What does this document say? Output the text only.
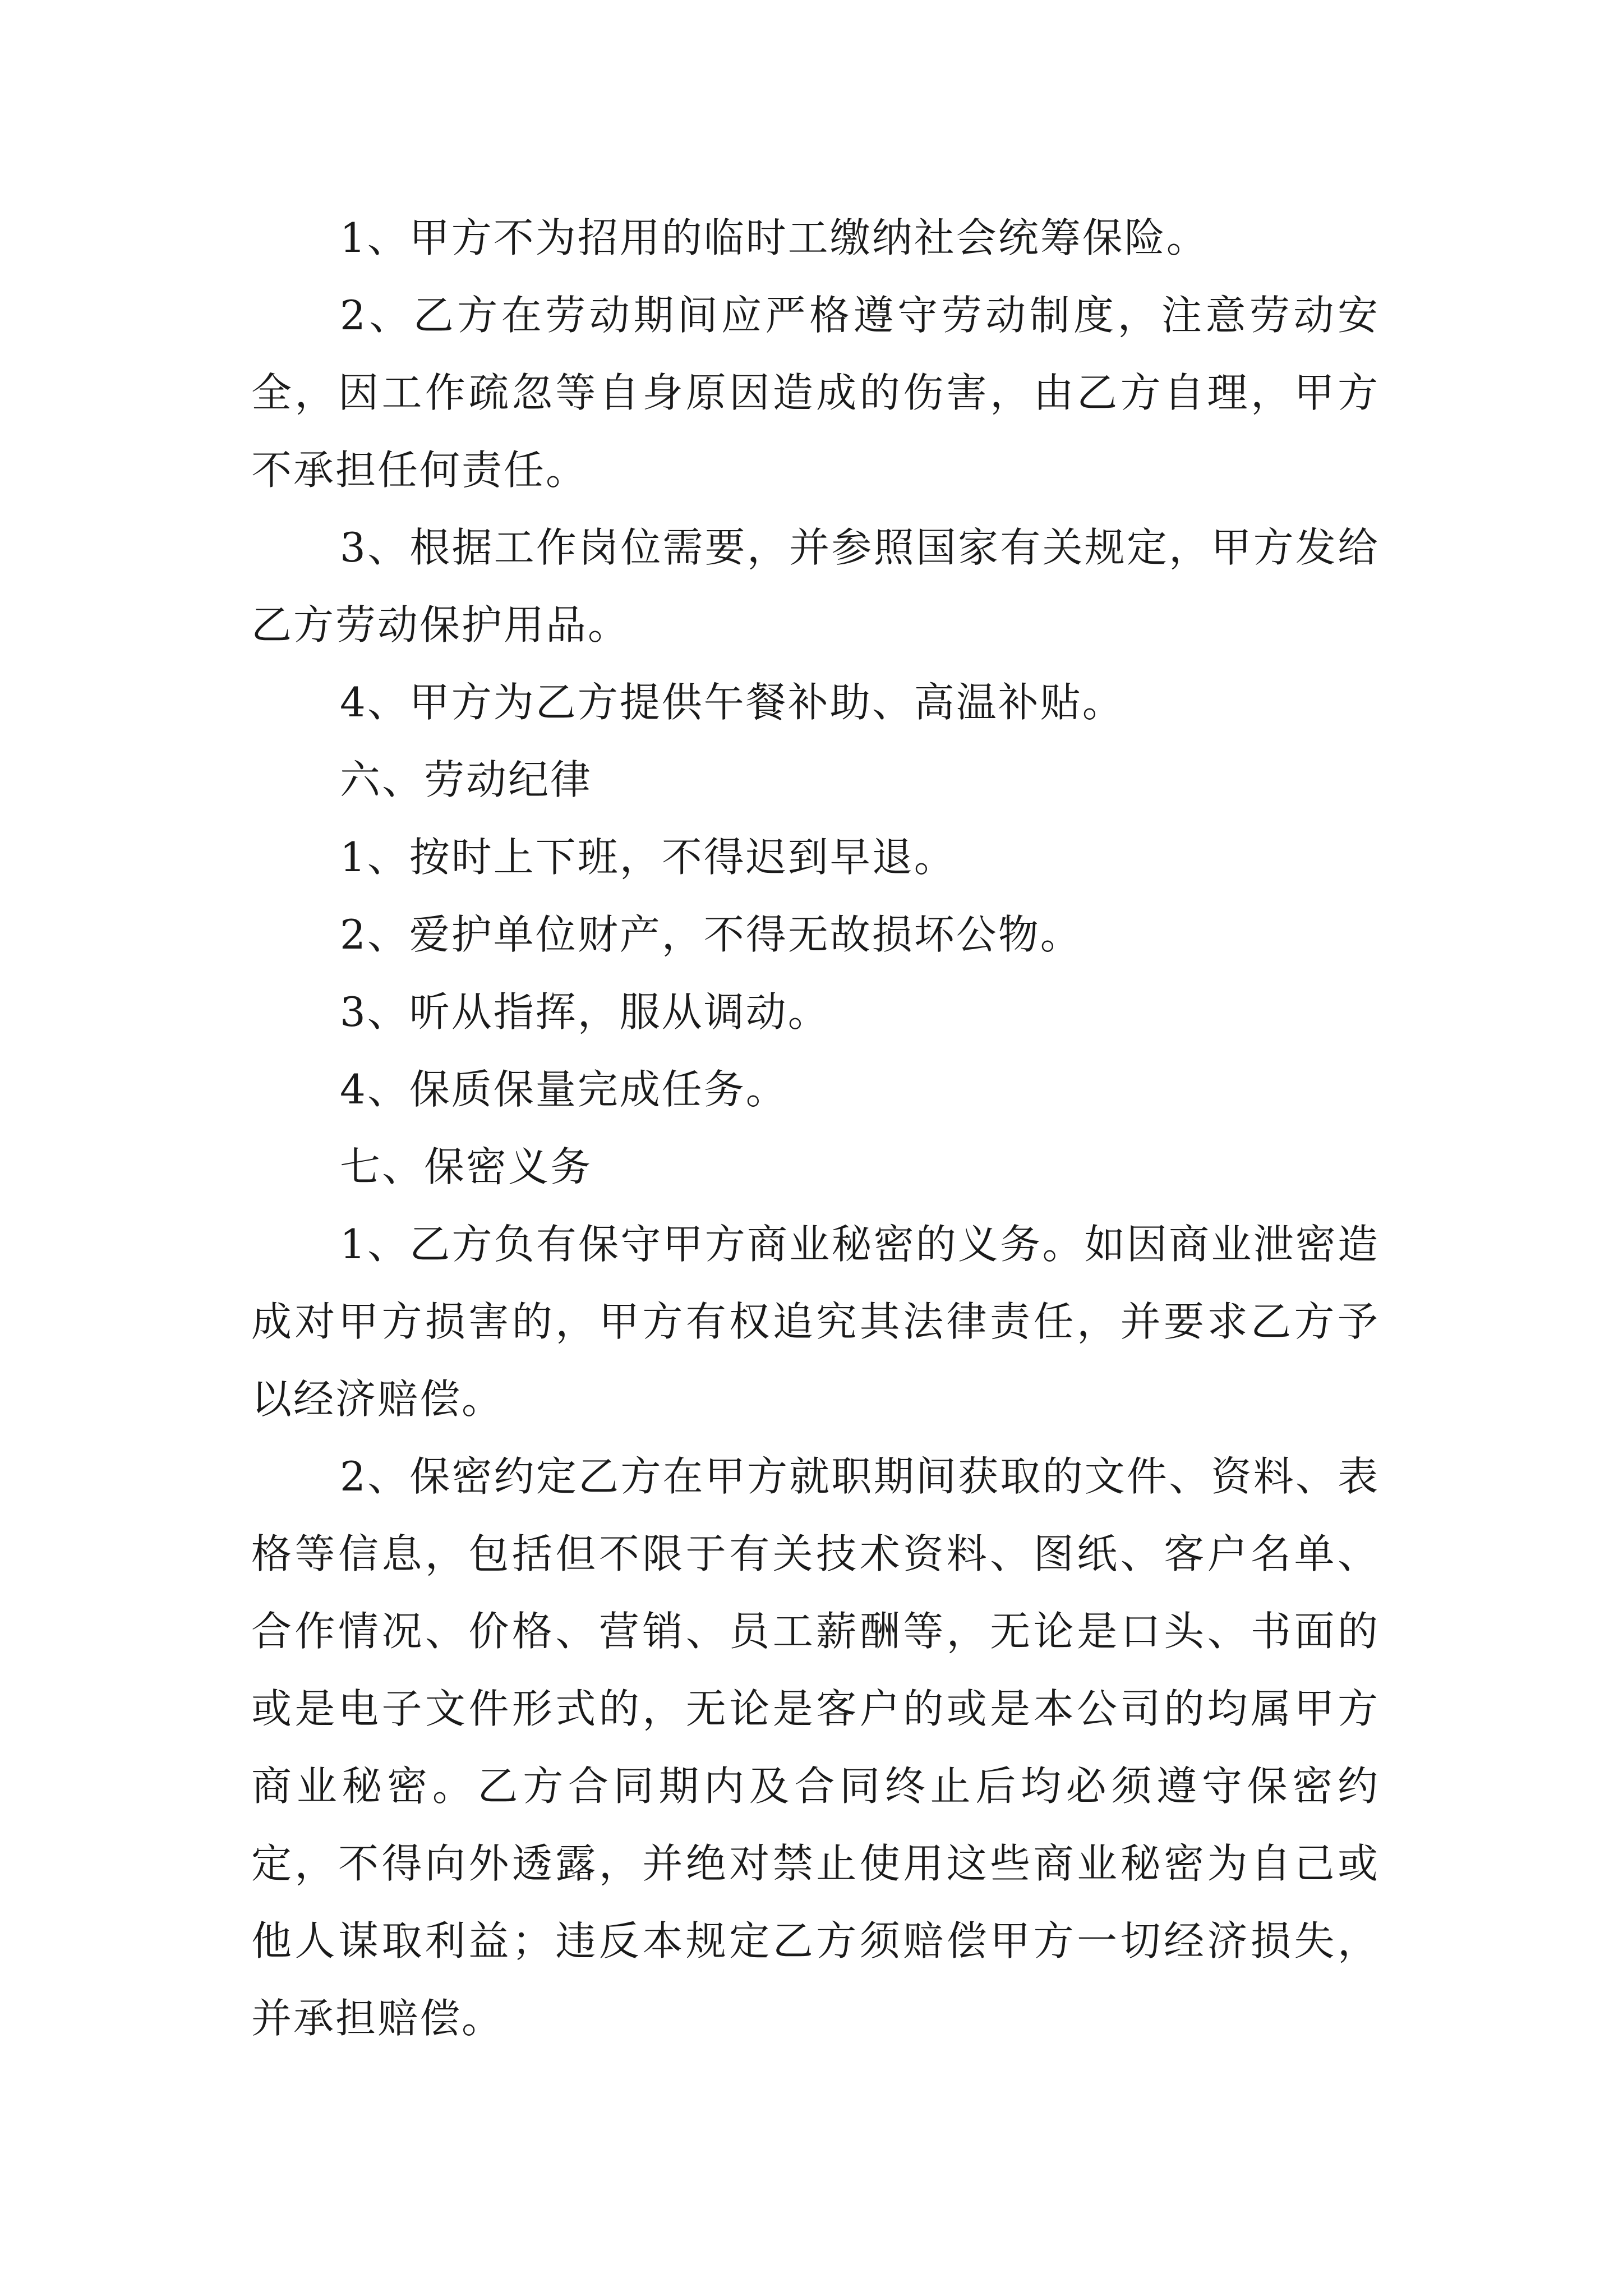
1、甲方不为招用的临时工缴纳社会统筹保险。

2、乙方在劳动期间应严格遵守劳动制度，注意劳动安全，因工作疏忽等自身原因造成的伤害，由乙方自理，甲方不承担任何责任。

3、根据工作岗位需要，并参照国家有关规定，甲方发给乙方劳动保护用品。

4、甲方为乙方提供午餐补助、高温补贴。

六、劳动纪律

1、按时上下班，不得迟到早退。

2、爱护单位财产，不得无故损坏公物。

3、听从指挥，服从调动。

4、保质保量完成任务。

七、保密义务

1、乙方负有保守甲方商业秘密的义务。如因商业泄密造成对甲方损害的，甲方有权追究其法律责任，并要求乙方予以经济赔偿。

2、保密约定乙方在甲方就职期间获取的文件、资料、表格等信息，包括但不限于有关技术资料、图纸、客户名单、合作情况、价格、营销、员工薪酬等，无论是口头、书面的或是电子文件形式的，无论是客户的或是本公司的均属甲方商业秘密。乙方合同期内及合同终止后均必须遵守保密约定，不得向外透露，并绝对禁止使用这些商业秘密为自己或他人谋取利益；违反本规定乙方须赔偿甲方一切经济损失，并承担赔偿。
